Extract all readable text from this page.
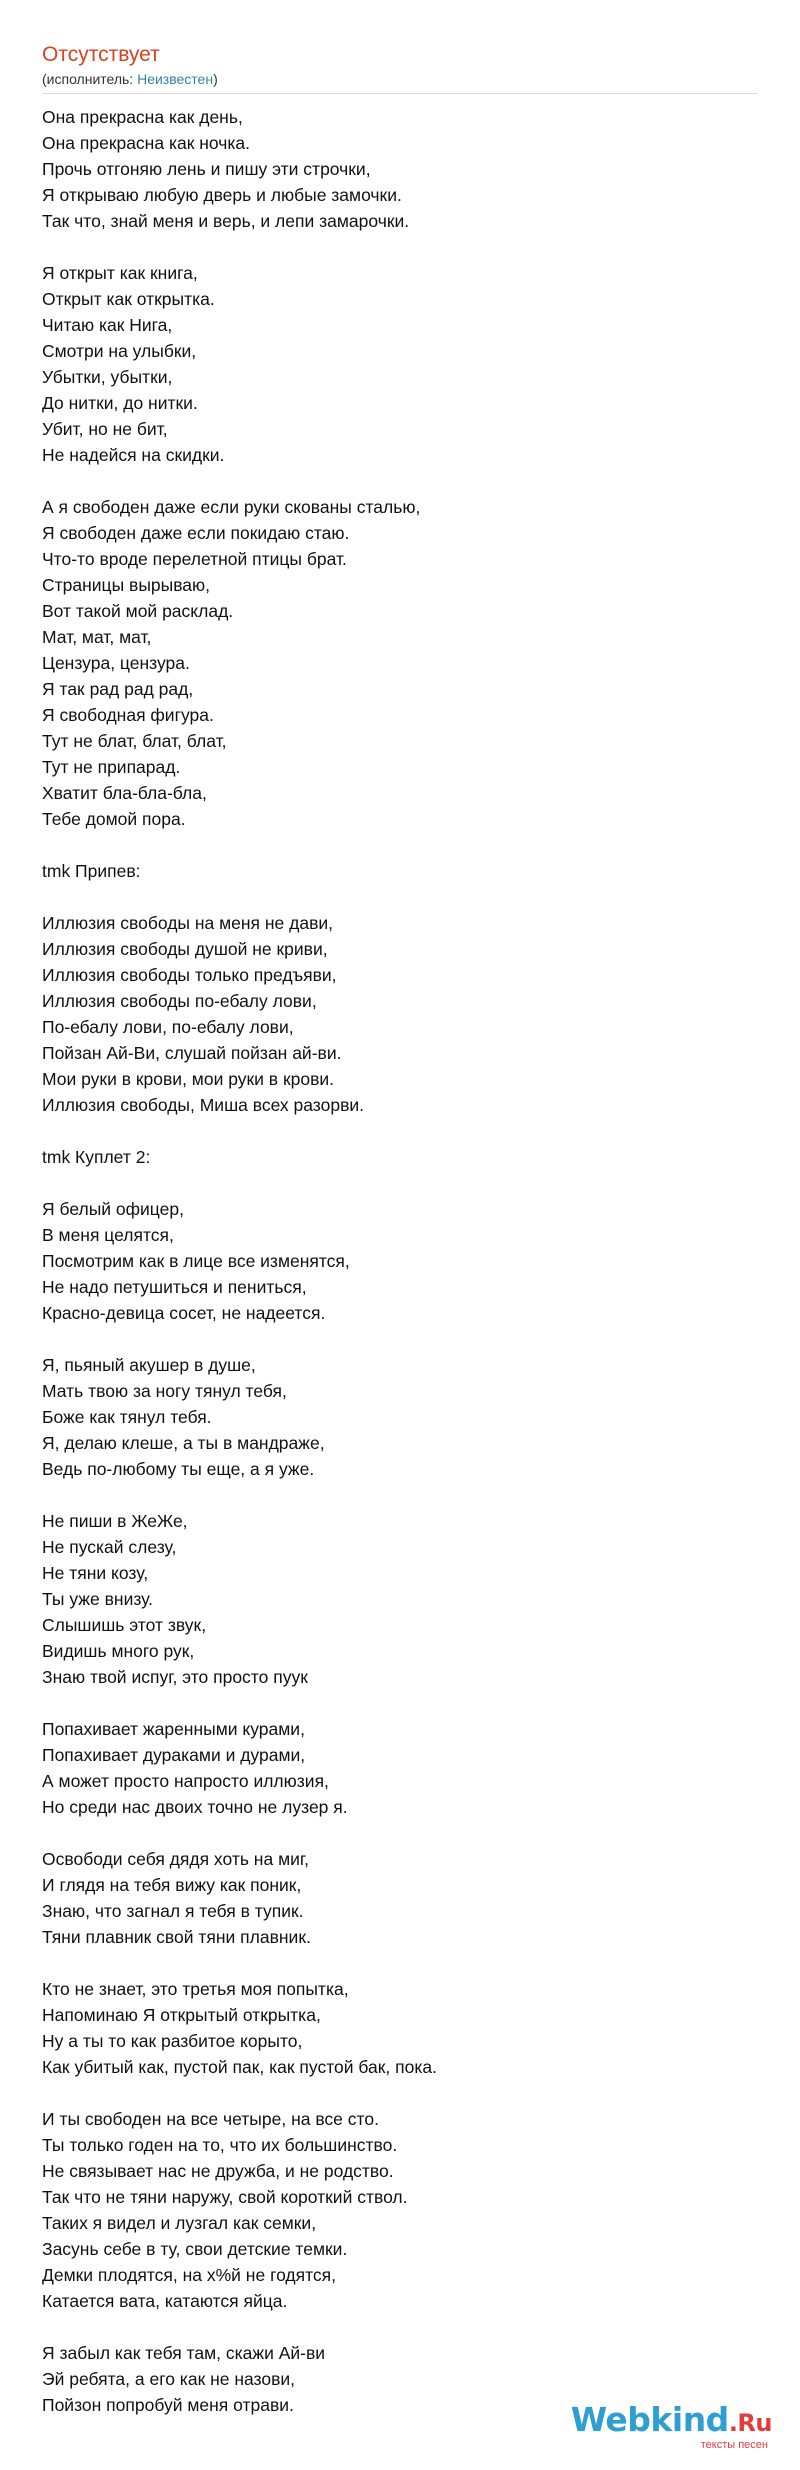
Отсутствует
(исполнитель: Неизвестен)
Она прекрасна как день,
Она прекрасна как ночка.
Прочь отгоняю лень и пишу эти строчки,
Я открываю любую дверь и любые замочки.
Так что, знай меня и верь, и лепи замарочки.
Я открыт как книга,
Открыт как открытка.
Читаю как Нига,
Смотри на улыбки,
Убытки, убытки,
До нитки, до нитки.
Убит, но не бит,
Не надейся на скидки.
А я свободен даже если руки скованы сталью,
Я свободен даже если покидаю стаю.
Что-то вроде перелетной птицы брат.
Страницы вырываю,
Вот такой мой расклад.
Мат, мат, мат,
Цензура, цензура.
Я так рад рад рад,
Я свободная фигура.
Тут не блат, блат, блат,
Тут не припарад.
Хватит бла-бла-бла,
Тебе домой пора.
tmk Припев:
Иллюзия свободы на меня не дави,
Иллюзия свободы душой не криви,
Иллюзия свободы только предъяви,
Иллюзия свободы по-ебалу лови,
По-ебалу лови, по-ебалу лови,
Пойзан Ай-Ви, слушай пойзан ай-ви.
Мои руки в крови, мои руки в крови.
Иллюзия свободы, Миша всех разорви.
tmk Куплет 2:
Я белый офицер,
В меня целятся,
Посмотрим как в лице все изменятся,
Не надо петушиться и пениться,
Красно-девица сосет, не надеется.
Я, пьяный акушер в душе,
Мать твою за ногу тянул тебя,
Боже как тянул тебя.
Я, делаю клеше, а ты в мандраже,
Ведь по-любому ты еще, а я уже.
Не пиши в ЖеЖе,
Не пускай слезу,
Не тяни козу,
Ты уже внизу.
Слышишь этот звук,
Видишь много рук,
Знаю твой испуг, это просто пуук
Попахивает жаренными курами,
Попахивает дураками и дурами,
А может просто напросто иллюзия,
Но среди нас двоих точно не лузер я.
Освободи себя дядя хоть на миг,
И глядя на тебя вижу как поник,
Знаю, что загнал я тебя в тупик.
Тяни плавник свой тяни плавник.
Кто не знает, это третья моя попытка,
Напоминаю Я открытый открытка,
Ну а ты то как разбитое корыто,
Как убитый как, пустой пак, как пустой бак, пока.
И ты свободен на все четыре, на все сто.
Ты только годен на то, что их большинство.
Не связывает нас не дружба, и не родство.
Так что не тяни наружу, свой короткий ствол.
Таких я видел и лузгал как семки,
Засунь себе в ту, свои детские темки.
Демки плодятся, на х%й не годятся,
Катается вата, катаются яйца.
Я забыл как тебя там, скажи Ай-ви
Эй ребята, а его как не назови,
Пойзон попробуй меня отрави.	Webkind.Ru
тексты песен
